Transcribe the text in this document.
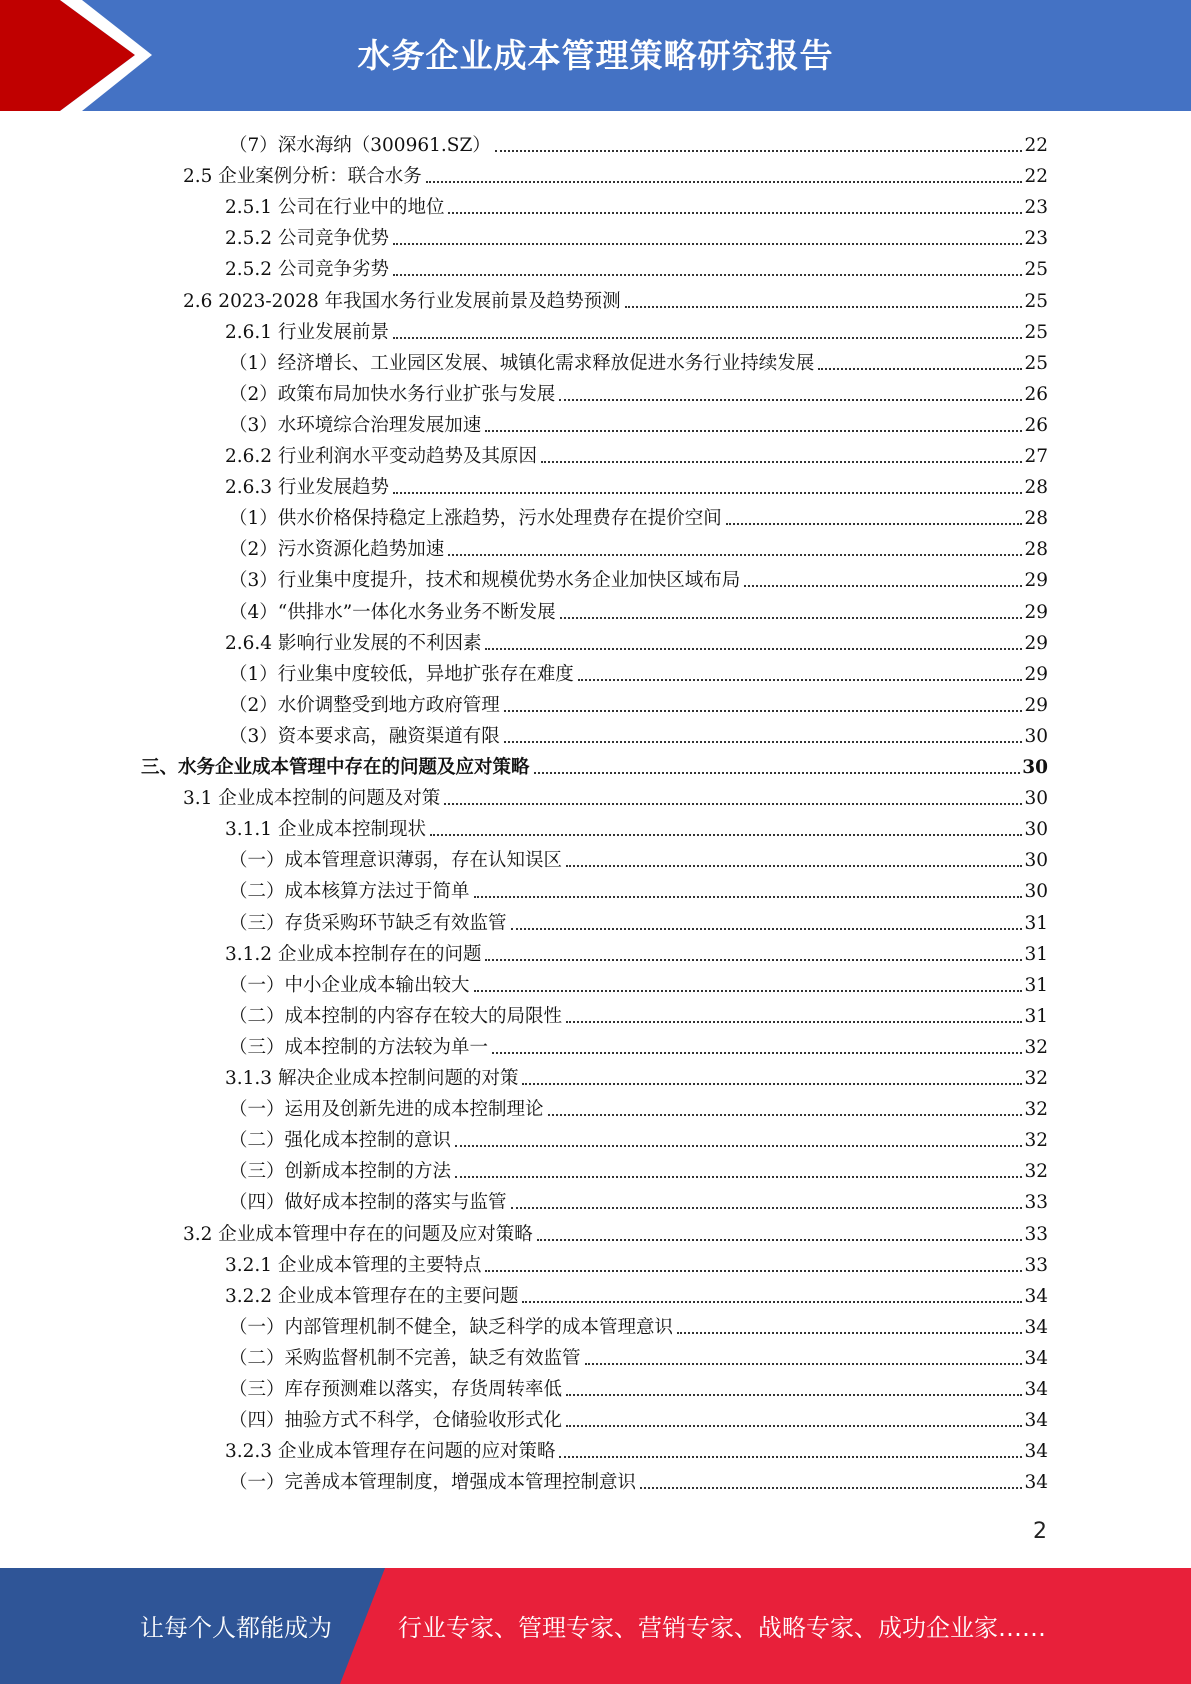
水务企业成本管理策略研究报告
（7）深水海纳（300961.SZ）	22
2.5 企业案例分析：联合水务	22
2.5.1 公司在行业中的地位	23
2.5.2 公司竞争优势	23
2.5.2 公司竞争劣势	25
2.6 2023-2028 年我国水务行业发展前景及趋势预测	25
2.6.1 行业发展前景	25
（1）经济增长、工业园区发展、城镇化需求释放促进水务行业持续发展	25
（2）政策布局加快水务行业扩张与发展	26
（3）水环境综合治理发展加速	26
2.6.2 行业利润水平变动趋势及其原因	27
2.6.3 行业发展趋势	28
（1）供水价格保持稳定上涨趋势，污水处理费存在提价空间	28
（2）污水资源化趋势加速	28
（3）行业集中度提升，技术和规模优势水务企业加快区域布局	29
（4）“供排水”一体化水务业务不断发展	29
2.6.4 影响行业发展的不利因素	29
（1）行业集中度较低，异地扩张存在难度	29
（2）水价调整受到地方政府管理	29
（3）资本要求高，融资渠道有限	30
三、水务企业成本管理中存在的问题及应对策略	30
3.1 企业成本控制的问题及对策	30
3.1.1 企业成本控制现状	30
（一）成本管理意识薄弱，存在认知误区	30
（二）成本核算方法过于简单	30
（三）存货采购环节缺乏有效监管	31
3.1.2 企业成本控制存在的问题	31
（一）中小企业成本输出较大	31
（二）成本控制的内容存在较大的局限性	31
（三）成本控制的方法较为单一	32
3.1.3 解决企业成本控制问题的对策	32
（一）运用及创新先进的成本控制理论	32
（二）强化成本控制的意识	32
（三）创新成本控制的方法	32
（四）做好成本控制的落实与监管	33
3.2 企业成本管理中存在的问题及应对策略	33
3.2.1 企业成本管理的主要特点	33
3.2.2 企业成本管理存在的主要问题	34
（一）内部管理机制不健全，缺乏科学的成本管理意识	34
（二）采购监督机制不完善，缺乏有效监管	34
（三）库存预测难以落实，存货周转率低	34
（四）抽验方式不科学，仓储验收形式化	34
3.2.3 企业成本管理存在问题的应对策略	34
（一）完善成本管理制度，增强成本管理控制意识	34
2
让每个人都能成为	行业专家、管理专家、营销专家、战略专家、成功企业家……
